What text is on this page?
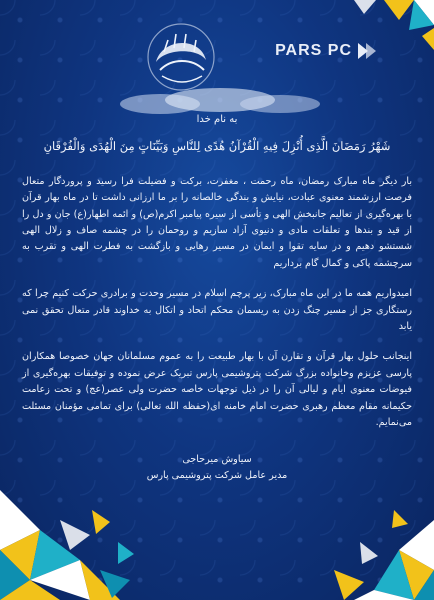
PARS PC
به نام خدا
شَهْرُ رَمَضَانَ الَّذِی أُنْزِلَ فِیهِ الْقُرْآنُ هُدًى لِلنَّاسِ وَبَیِّنَاتٍ مِنَ الْهُدَى وَالْفُرْقَانِ
بار دیگر ماه مبارک رمضان، ماه رحمت ، مغفرت، برکت و فضیلت فرا رسید و پروردگار متعال فرصت ارزشمند معنوی عبادت، نیایش و بندگی خالصانه را بر ما ارزانی داشت تا در ماه بهار قرآن با بهره‌گیری از تعالیم جانبخش الهی و تأسی از سیره پیامبر اکرم(ص) و ائمه اطهار(ع) جان و دل را از قید و بندها و تعلقات مادی و دنیوی آزاد سازیم و روحمان را در چشمه صاف و زلال الهی شستشو دهیم و در سایه تقوا و ایمان در مسیر رهایی و بازگشت به فطرت الهی و تقرب به سرچشمه پاکی و کمال گام برداریم
امیدواریم همه ما در این ماه مبارک، زیر پرچم اسلام در مسیر وحدت و برادری حرکت کنیم چرا که رستگاری جز از مسیر چنگ زدن به ریسمان محکم اتحاد و اتکال به خداوند قادر متعال تحقق نمی یابد
اینجانب حلول بهار قرآن و تقارن آن با بهار طبیعت را به عموم مسلمانان جهان خصوصا همکاران پارسی عزیزم وخانواده بزرگ شرکت پتروشیمی پارس تبریک عرض نموده و توفیقات بهره‌گیری از فیوضات معنوی ایام و لیالی آن را در ذیل توجهات خاصه حضرت ولی عصر(عج) و تحت زعامت حکیمانه مقام معظم رهبری حضرت امام خامنه ای(حفظه الله تعالی) برای تمامی مؤمنان مسئلت می‌نمایم.
سیاوش میرحاجی
مدیر عامل شرکت پتروشیمی پارس
